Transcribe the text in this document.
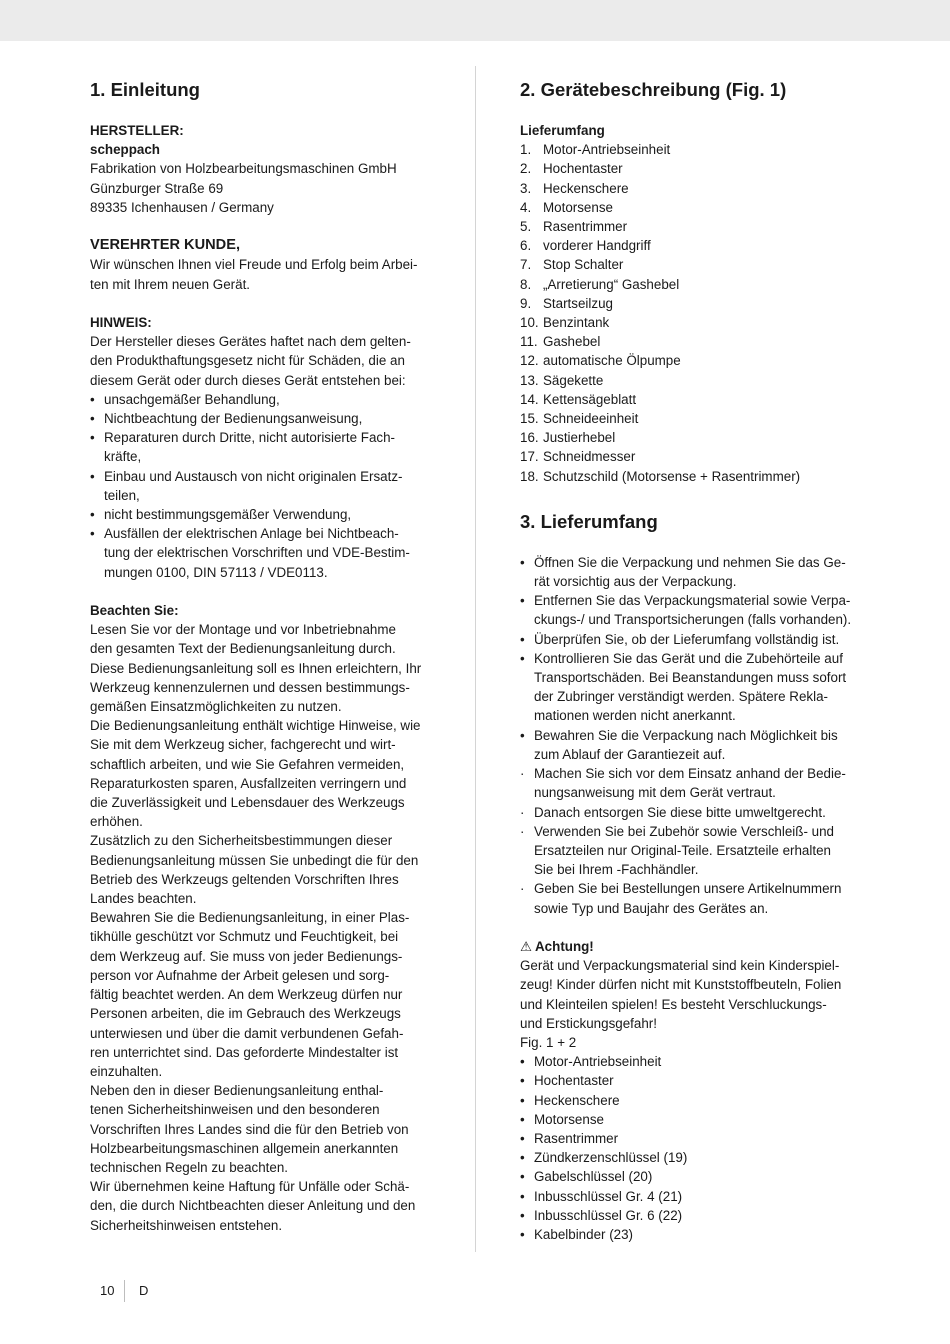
1. Einleitung

HERSTELLER:

scheppach

Fabrikation von Holzbearbeitungsmaschinen GmbH

Günzburger Straße 69

89335 Ichenhausen / Germany

VEREHRTER KUNDE,

Wir wünschen Ihnen viel Freude und Erfolg beim Arbei-

ten mit Ihrem neuen Gerät.

HINWEIS:

Der Hersteller dieses Gerätes haftet nach dem gelten-

den Produkthaftungsgesetz nicht für Schäden, die an

diesem Gerät oder durch dieses Gerät entstehen bei:

• unsachgemäßer Behandlung,
• Nichtbeachtung der Bedienungsanweisung,
• Reparaturen durch Dritte, nicht autorisierte Fach-
kräfte,
• Einbau und Austausch von nicht originalen Ersatz-
teilen,
• nicht bestimmungsgemäßer Verwendung,
• Ausfällen der elektrischen Anlage bei Nichtbeach-
tung der elektrischen Vorschriften und VDE-Bestim-
mungen 0100, DIN 57113 / VDE0113.

Beachten Sie:

Lesen Sie vor der Montage und vor Inbetriebnahme

den gesamten Text der Bedienungsanleitung durch.

Diese Bedienungsanleitung soll es Ihnen erleichtern, Ihr

Werkzeug kennenzulernen und dessen bestimmungs-

gemäßen Einsatzmöglichkeiten zu nutzen.

Die Bedienungsanleitung enthält wichtige Hinweise, wie

Sie mit dem Werkzeug sicher, fachgerecht und wirt-

schaftlich arbeiten, und wie Sie Gefahren vermeiden,

Reparaturkosten sparen, Ausfallzeiten verringern und

die Zuverlässigkeit und Lebensdauer des Werkzeugs

erhöhen.

Zusätzlich zu den Sicherheitsbestimmungen dieser

Bedienungsanleitung müssen Sie unbedingt die für den

Betrieb des Werkzeugs geltenden Vorschriften Ihres

Landes beachten.

Bewahren Sie die Bedienungsanleitung, in einer Plas-

tikhülle geschützt vor Schmutz und Feuchtigkeit, bei

dem Werkzeug auf. Sie muss von jeder Bedienungs-

person vor Aufnahme der Arbeit gelesen und sorg-

fältig beachtet werden. An dem Werkzeug dürfen nur

Personen arbeiten, die im Gebrauch des Werkzeugs

unterwiesen und über die damit verbundenen Gefah-

ren unterrichtet sind. Das geforderte Mindestalter ist

einzuhalten.

Neben den in dieser Bedienungsanleitung enthal-

tenen Sicherheitshinweisen und den besonderen

Vorschriften Ihres Landes sind die für den Betrieb von

Holzbearbeitungsmaschinen allgemein anerkannten

technischen Regeln zu beachten.

Wir übernehmen keine Haftung für Unfälle oder Schä-

den, die durch Nichtbeachten dieser Anleitung und den

Sicherheitshinweisen entstehen.

2. Gerätebeschreibung (Fig. 1)

Lieferumfang

1. Motor-Antriebseinheit
2. Hochentaster
3. Heckenschere
4. Motorsense
5. Rasentrimmer
6. vorderer Handgriff
7. Stop Schalter
8. „Arretierung“ Gashebel
9. Startseilzug
10. Benzintank
11. Gashebel
12. automatische Ölpumpe
13. Sägekette
14. Kettensägeblatt
15. Schneideeinheit
16. Justierhebel
17. Schneidmesser
18. Schutzschild (Motorsense + Rasentrimmer)
3. Lieferumfang
• Öffnen Sie die Verpackung und nehmen Sie das Ge-
rät vorsichtig aus der Verpackung.
• Entfernen Sie das Verpackungsmaterial sowie Verpa-
ckungs-/ und Transportsicherungen (falls vorhanden).
• Überprüfen Sie, ob der Lieferumfang vollständig ist.
• Kontrollieren Sie das Gerät und die Zubehörteile auf
Transportschäden. Bei Beanstandungen muss sofort
der Zubringer verständigt werden. Spätere Rekla-
mationen werden nicht anerkannt.
• Bewahren Sie die Verpackung nach Möglichkeit bis
zum Ablauf der Garantiezeit auf.
· Machen Sie sich vor dem Einsatz anhand der Bedie-
nungsanweisung mit dem Gerät vertraut.
· Danach entsorgen Sie diese bitte umweltgerecht.
· Verwenden Sie bei Zubehör sowie Verschleiß- und
Ersatzteilen nur Original-Teile. Ersatzteile erhalten
Sie bei Ihrem -Fachhändler.
· Geben Sie bei Bestellungen unsere Artikelnummern
sowie Typ und Baujahr des Gerätes an.

⚠ Achtung!

Gerät und Verpackungsmaterial sind kein Kinderspiel-

zeug! Kinder dürfen nicht mit Kunststoffbeuteln, Folien

und Kleinteilen spielen! Es besteht Verschluckungs-

und Erstickungsgefahr!

Fig. 1 + 2

• Motor-Antriebseinheit
• Hochentaster
• Heckenschere
• Motorsense
• Rasentrimmer
• Zündkerzenschlüssel (19)
• Gabelschlüssel (20)
• Inbusschlüssel Gr. 4 (21)
• Inbusschlüssel Gr. 6 (22)
• Kabelbinder (23)
10 D
